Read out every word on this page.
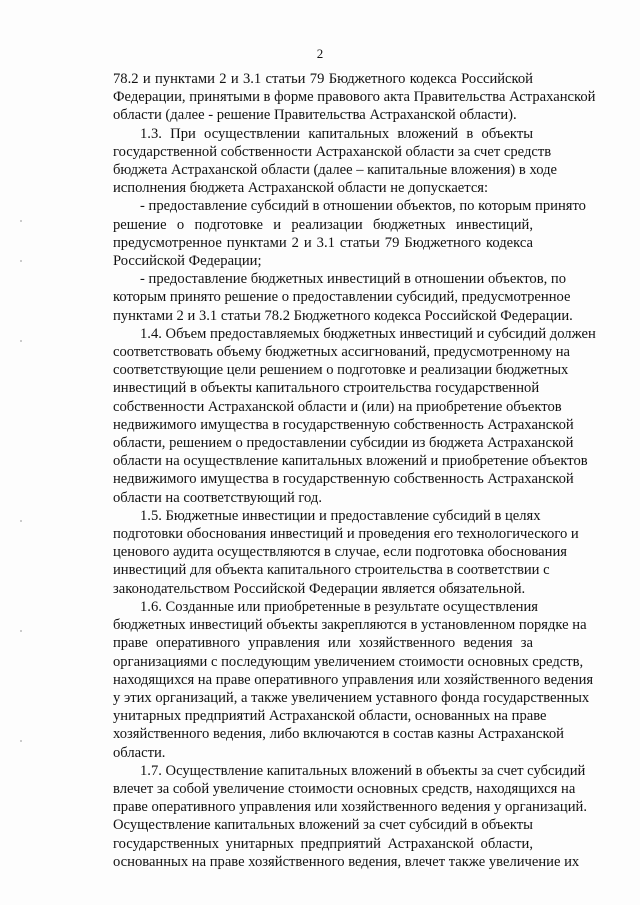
2
78.2 и пунктами 2 и 3.1 статьи 79 Бюджетного кодекса Российской
Федерации, принятыми в форме правового акта Правительства Астраханской
области (далее - решение Правительства Астраханской области).
1.3. При осуществлении капитальных вложений в объекты
государственной собственности Астраханской области за счет средств
бюджета Астраханской области (далее – капитальные вложения) в ходе
исполнения бюджета Астраханской области не допускается:
- предоставление субсидий в отношении объектов, по которым принято
решение о подготовке и реализации бюджетных инвестиций,
предусмотренное пунктами 2 и 3.1 статьи 79 Бюджетного кодекса
Российской Федерации;
- предоставление бюджетных инвестиций в отношении объектов, по
которым принято решение о предоставлении субсидий, предусмотренное
пунктами 2 и 3.1 статьи 78.2 Бюджетного кодекса Российской Федерации.
1.4. Объем предоставляемых бюджетных инвестиций и субсидий должен
соответствовать объему бюджетных ассигнований, предусмотренному на
соответствующие цели решением о подготовке и реализации бюджетных
инвестиций в объекты капитального строительства государственной
собственности Астраханской области и (или) на приобретение объектов
недвижимого имущества в государственную собственность Астраханской
области, решением о предоставлении субсидии из бюджета Астраханской
области на осуществление капитальных вложений и приобретение объектов
недвижимого имущества в государственную собственность Астраханской
области на соответствующий год.
1.5. Бюджетные инвестиции и предоставление субсидий в целях
подготовки обоснования инвестиций и проведения его технологического и
ценового аудита осуществляются в случае, если подготовка обоснования
инвестиций для объекта капитального строительства в соответствии с
законодательством Российской Федерации является обязательной.
1.6. Созданные или приобретенные в результате осуществления
бюджетных инвестиций объекты закрепляются в установленном порядке на
праве оперативного управления или хозяйственного ведения за
организациями с последующим увеличением стоимости основных средств,
находящихся на праве оперативного управления или хозяйственного ведения
у этих организаций, а также увеличением уставного фонда государственных
унитарных предприятий Астраханской области, основанных на праве
хозяйственного ведения, либо включаются в состав казны Астраханской
области.
1.7. Осуществление капитальных вложений в объекты за счет субсидий
влечет за собой увеличение стоимости основных средств, находящихся на
праве оперативного управления или хозяйственного ведения у организаций.
Осуществление капитальных вложений за счет субсидий в объекты
государственных унитарных предприятий Астраханской области,
основанных на праве хозяйственного ведения, влечет также увеличение их
